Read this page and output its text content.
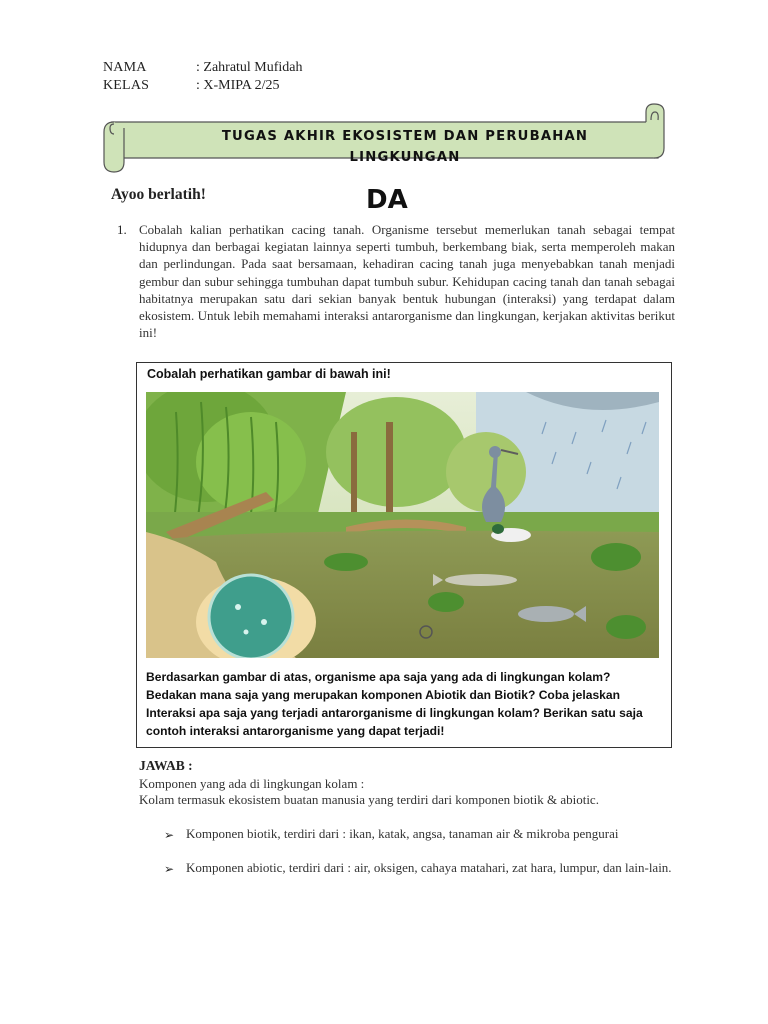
NAMA	: Zahratul Mufidah
KELAS	: X-MIPA 2/25
TUGAS AKHIR EKOSISTEM DAN PERUBAHAN LINGKUNGAN
Ayoo berlatih!	DA
1. Cobalah kalian perhatikan cacing tanah. Organisme tersebut memerlukan tanah sebagai tempat hidupnya dan berbagai kegiatan lainnya seperti tumbuh, berkembang biak, serta memperoleh makan dan perlindungan. Pada saat bersamaan, kehadiran cacing tanah juga menyebabkan tanah menjadi gembur dan subur sehingga tumbuhan dapat tumbuh subur. Kehidupan cacing tanah dan tanah sebagai habitatnya merupakan satu dari sekian banyak bentuk hubungan (interaksi) yang terdapat dalam ekosistem. Untuk lebih memahami interaksi antarorganisme dan lingkungan, kerjakan aktivitas berikut ini!
Cobalah perhatikan gambar di bawah ini!
Berdasarkan gambar di atas, organisme apa saja yang ada di lingkungan kolam? Bedakan mana saja yang merupakan komponen Abiotik dan Biotik? Coba jelaskan Interaksi apa saja yang terjadi antarorganisme di lingkungan kolam? Berikan satu saja contoh interaksi antarorganisme yang dapat terjadi!
JAWAB :
Komponen yang ada di lingkungan kolam :
Kolam termasuk ekosistem buatan manusia yang terdiri dari komponen biotik & abiotic.
➢ Komponen biotik, terdiri dari : ikan, katak, angsa, tanaman air & mikroba pengurai
➢ Komponen abiotic, terdiri dari : air, oksigen, cahaya matahari, zat hara, lumpur, dan lain-lain.
